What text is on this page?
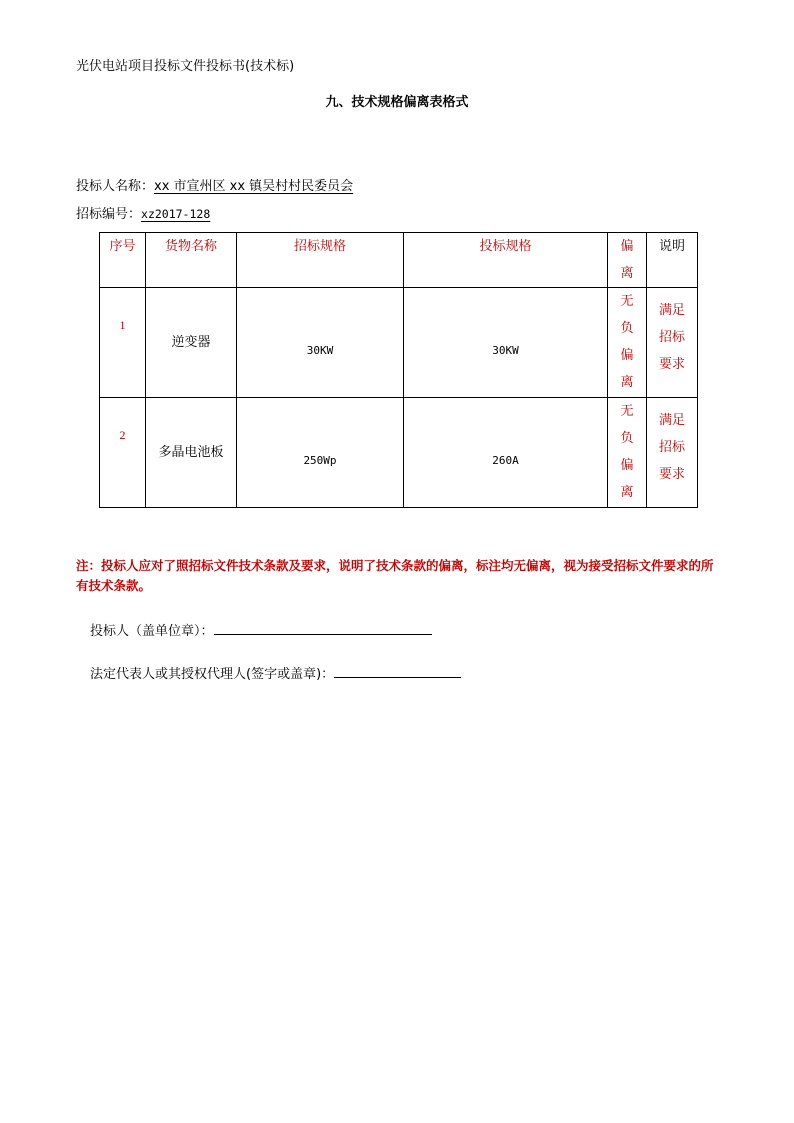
光伏电站项目投标文件投标书(技术标)
九、技术规格偏离表格式
投标人名称：xx 市宣州区 xx 镇吴村村民委员会
招标编号：xz2017-128
序号	货物名称	招标规格	投标规格	偏离	说明

1	逆变器	30KW	30KW	无负偏离	满足招标要求

2	多晶电池板	250Wp	260A	无负偏离	满足招标要求
注：投标人应对了照招标文件技术条款及要求，说明了技术条款的偏离，标注均无偏离，视为接受招标文件要求的所有技术条款。
投标人（盖单位章）：
法定代表人或其授权代理人(签字或盖章)：
